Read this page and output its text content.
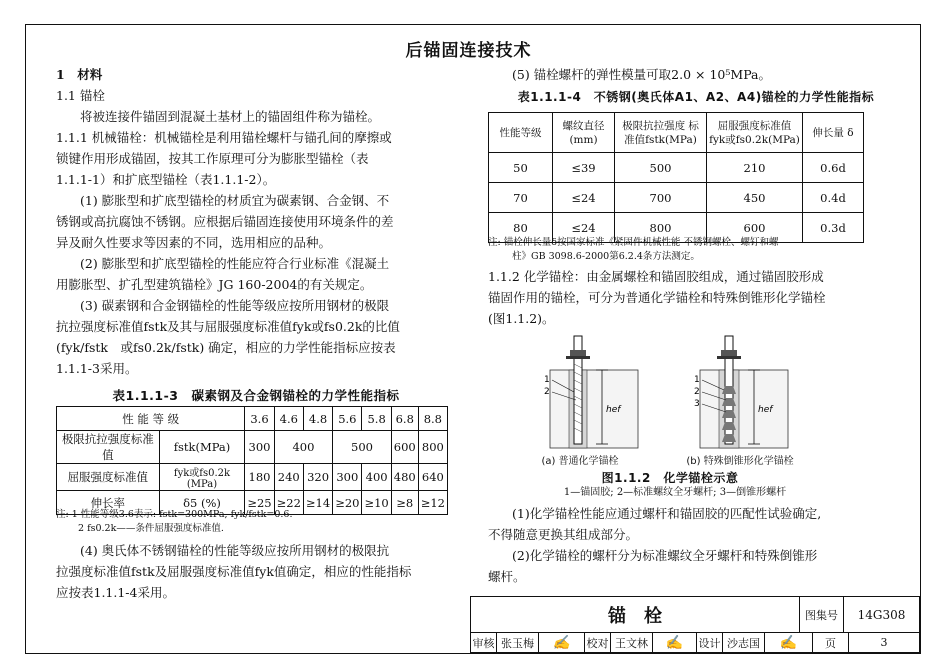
后锚固连接技术

1　材料

1.1 锚栓

将被连接件锚固到混凝土基材上的锚固组件称为锚栓。

1.1.1 机械锚栓：机械锚栓是利用锚栓螺杆与锚孔间的摩擦或

锁键作用形成锚固，按其工作原理可分为膨胀型锚栓（表

1.1.1-1）和扩底型锚栓（表1.1.1-2）。

(1) 膨胀型和扩底型锚栓的材质宜为碳素钢、合金钢、不

锈钢或高抗腐蚀不锈钢。应根据后锚固连接使用环境条件的差

异及耐久性要求等因素的不同，选用相应的品种。

(2) 膨胀型和扩底型锚栓的性能应符合行业标准《混凝土

用膨胀型、扩孔型建筑锚栓》JG 160-2004的有关规定。

(3) 碳素钢和合金钢锚栓的性能等级应按所用钢材的极限

抗拉强度标准值fstk及其与屈服强度标准值fyk或fs0.2k的比值

(fyk/fstk　或fs0.2k/fstk) 确定，相应的力学性能指标应按表

1.1.1-3采用。

表1.1.1-3　碳素钢及合金钢锚栓的力学性能指标
性 能 等 级		3.6	4.6	4.8	5.6	5.8	6.8	8.8
极限抗拉强度标准值	fstk(MPa)	300	400		500		600	800
屈服强度标准值	fyk或fs0.2k (MPa)	180	240	320	300	400	480	640
伸长率	δ5 (%)	≥25	≥22	≥14	≥20	≥10	≥8	≥12

注: 1 性能等级3.6表示: fstk=300MPa, fyk/fstk=0.6.

2 fs0.2k——条件屈服强度标准值.

(4) 奥氏体不锈钢锚栓的性能等级应按所用钢材的极限抗

拉强度标准值fstk及屈服强度标准值fyk值确定，相应的性能指标

应按表1.1.1-4采用。

(5) 锚栓螺杆的弹性模量可取2.0 × 10⁵MPa。

表1.1.1-4　不锈钢(奥氏体A1、A2、A4)锚栓的力学性能指标
性能等级	螺纹直径 (mm)	极限抗拉强度 标准值fstk(MPa)	屈服强度标准值 fyk或fs0.2k(MPa)	伸长量 δ
50	≤39	500	210	0.6d
70	≤24	700	450	0.4d
80	≤24	800	600	0.3d

注: 锚栓伸长量δ按国家标准《紧固件机械性能 不锈钢螺栓、螺钉和螺

柱》GB 3098.6-2000第6.2.4条方法测定。

1.1.2 化学锚栓：由金属螺栓和锚固胶组成，通过锚固胶形成

锚固作用的锚栓，可分为普通化学锚栓和特殊倒锥形化学锚栓

(图1.1.2)。

hef
1
2
hef
1
2
3
(a) 普通化学锚栓	(b) 特殊倒锥形化学锚栓
图1.1.2　化学锚栓示意
1—锚固胶; 2—标准螺纹全牙螺杆; 3—倒锥形螺杆

(1)化学锚栓性能应通过螺杆和锚固胶的匹配性试验确定,

不得随意更换其组成部分。

(2)化学锚栓的螺杆分为标准螺纹全牙螺杆和特殊倒锥形

螺杆。

锚　栓	图集号	14G308
审核 张玉梅	✍	校对 王文林	✍	设计 沙志国	✍	页	3
